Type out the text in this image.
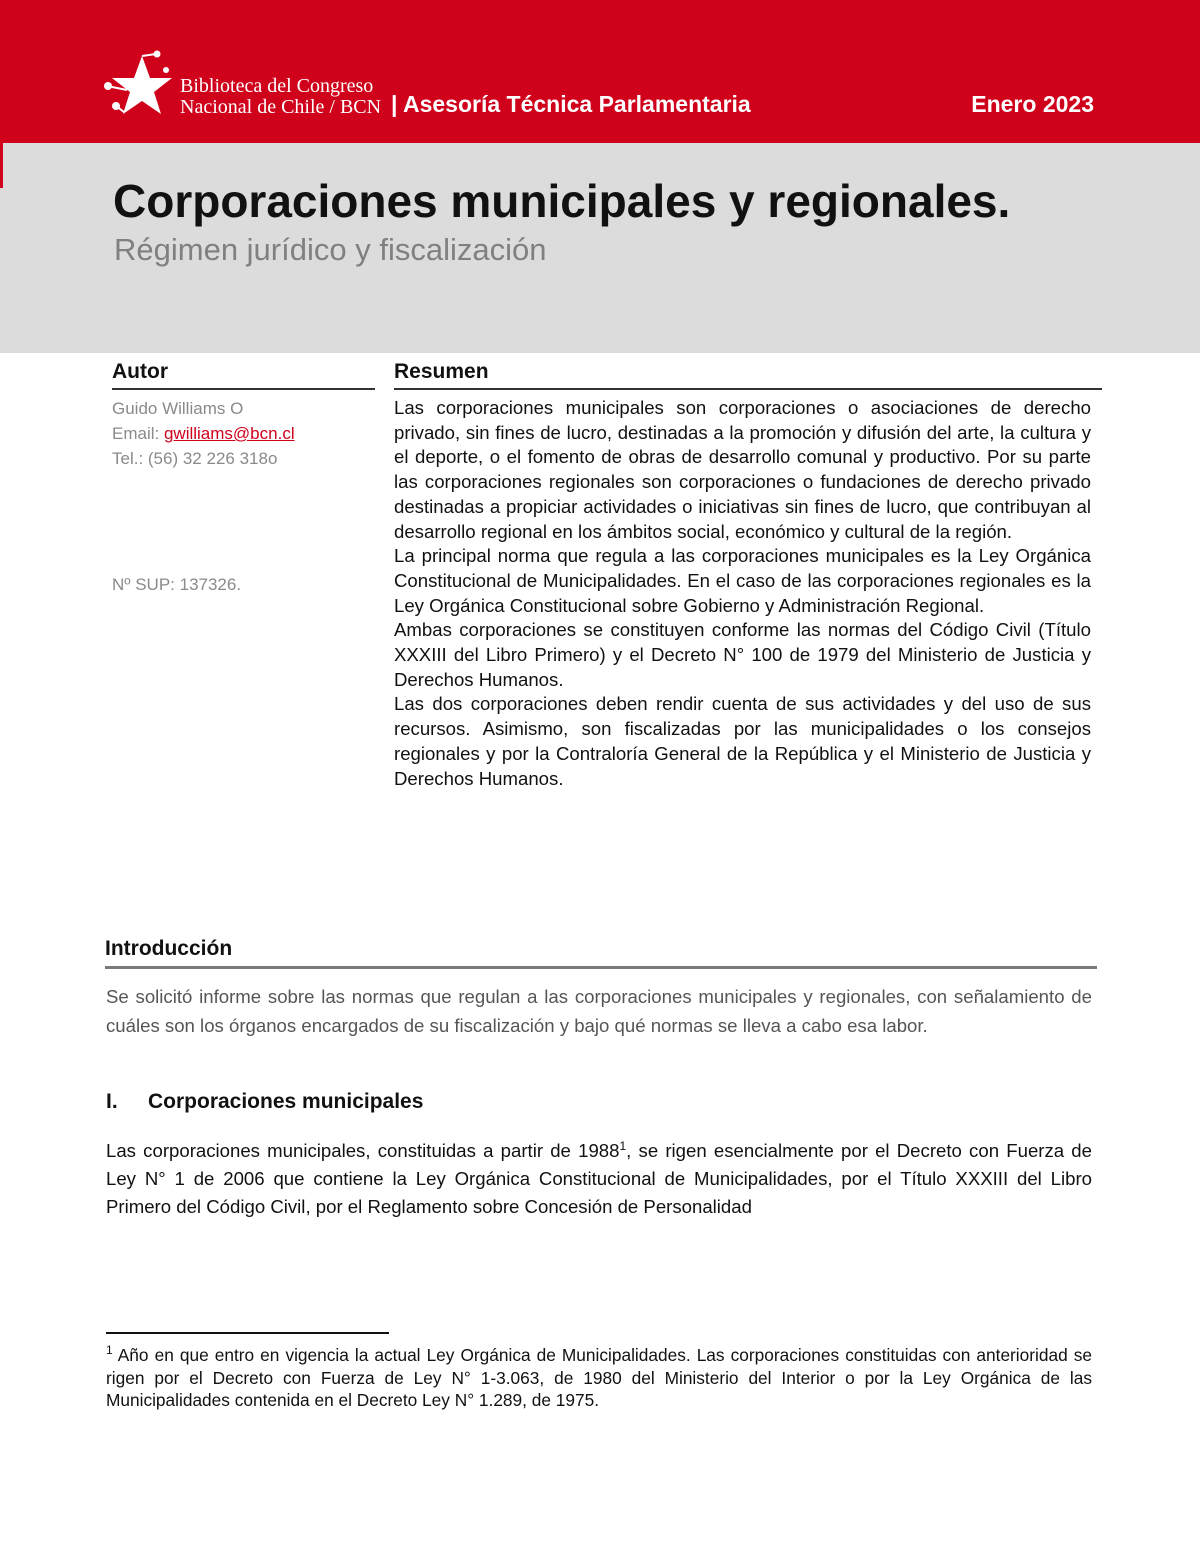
Biblioteca del Congreso
Nacional de Chile / BCN | Asesoría Técnica Parlamentaria	Enero 2023
Corporaciones municipales y regionales.
Régimen jurídico y fiscalización
Autor	Resumen
Guido Williams O
Email: gwilliams@bcn.cl
Tel.: (56) 32 226 318o
Nº SUP: 137326.

Las corporaciones municipales son corporaciones o asociaciones de derecho privado, sin fines de lucro, destinadas a la promoción y difusión del arte, la cultura y el deporte, o el fomento de obras de desarrollo comunal y productivo. Por su parte las corporaciones regionales son corporaciones o fundaciones de derecho privado destinadas a propiciar actividades o iniciativas sin fines de lucro, que contribuyan al desarrollo regional en los ámbitos social, económico y cultural de la región.

La principal norma que regula a las corporaciones municipales es la Ley Orgánica Constitucional de Municipalidades. En el caso de las corporaciones regionales es la Ley Orgánica Constitucional sobre Gobierno y Administración Regional.

Ambas corporaciones se constituyen conforme las normas del Código Civil (Título XXXIII del Libro Primero) y el Decreto N° 100 de 1979 del Ministerio de Justicia y Derechos Humanos.

Las dos corporaciones deben rendir cuenta de sus actividades y del uso de sus recursos. Asimismo, son fiscalizadas por las municipalidades o los consejos regionales y por la Contraloría General de la República y el Ministerio de Justicia y Derechos Humanos.

Introducción
Se solicitó informe sobre las normas que regulan a las corporaciones municipales y regionales, con señalamiento de cuáles son los órganos encargados de su fiscalización y bajo qué normas se lleva a cabo esa labor.
I. Corporaciones municipales
Las corporaciones municipales, constituidas a partir de 1988$^1$, se rigen esencialmente por el Decreto con Fuerza de Ley N° 1 de 2006 que contiene la Ley Orgánica Constitucional de Municipalidades, por el Título XXXIII del Libro Primero del Código Civil, por el Reglamento sobre Concesión de Personalidad
$^1$ Año en que entro en vigencia la actual Ley Orgánica de Municipalidades. Las corporaciones constituidas con anterioridad se rigen por el Decreto con Fuerza de Ley N° 1-3.063, de 1980 del Ministerio del Interior o por la Ley Orgánica de las Municipalidades contenida en el Decreto Ley N° 1.289, de 1975.
